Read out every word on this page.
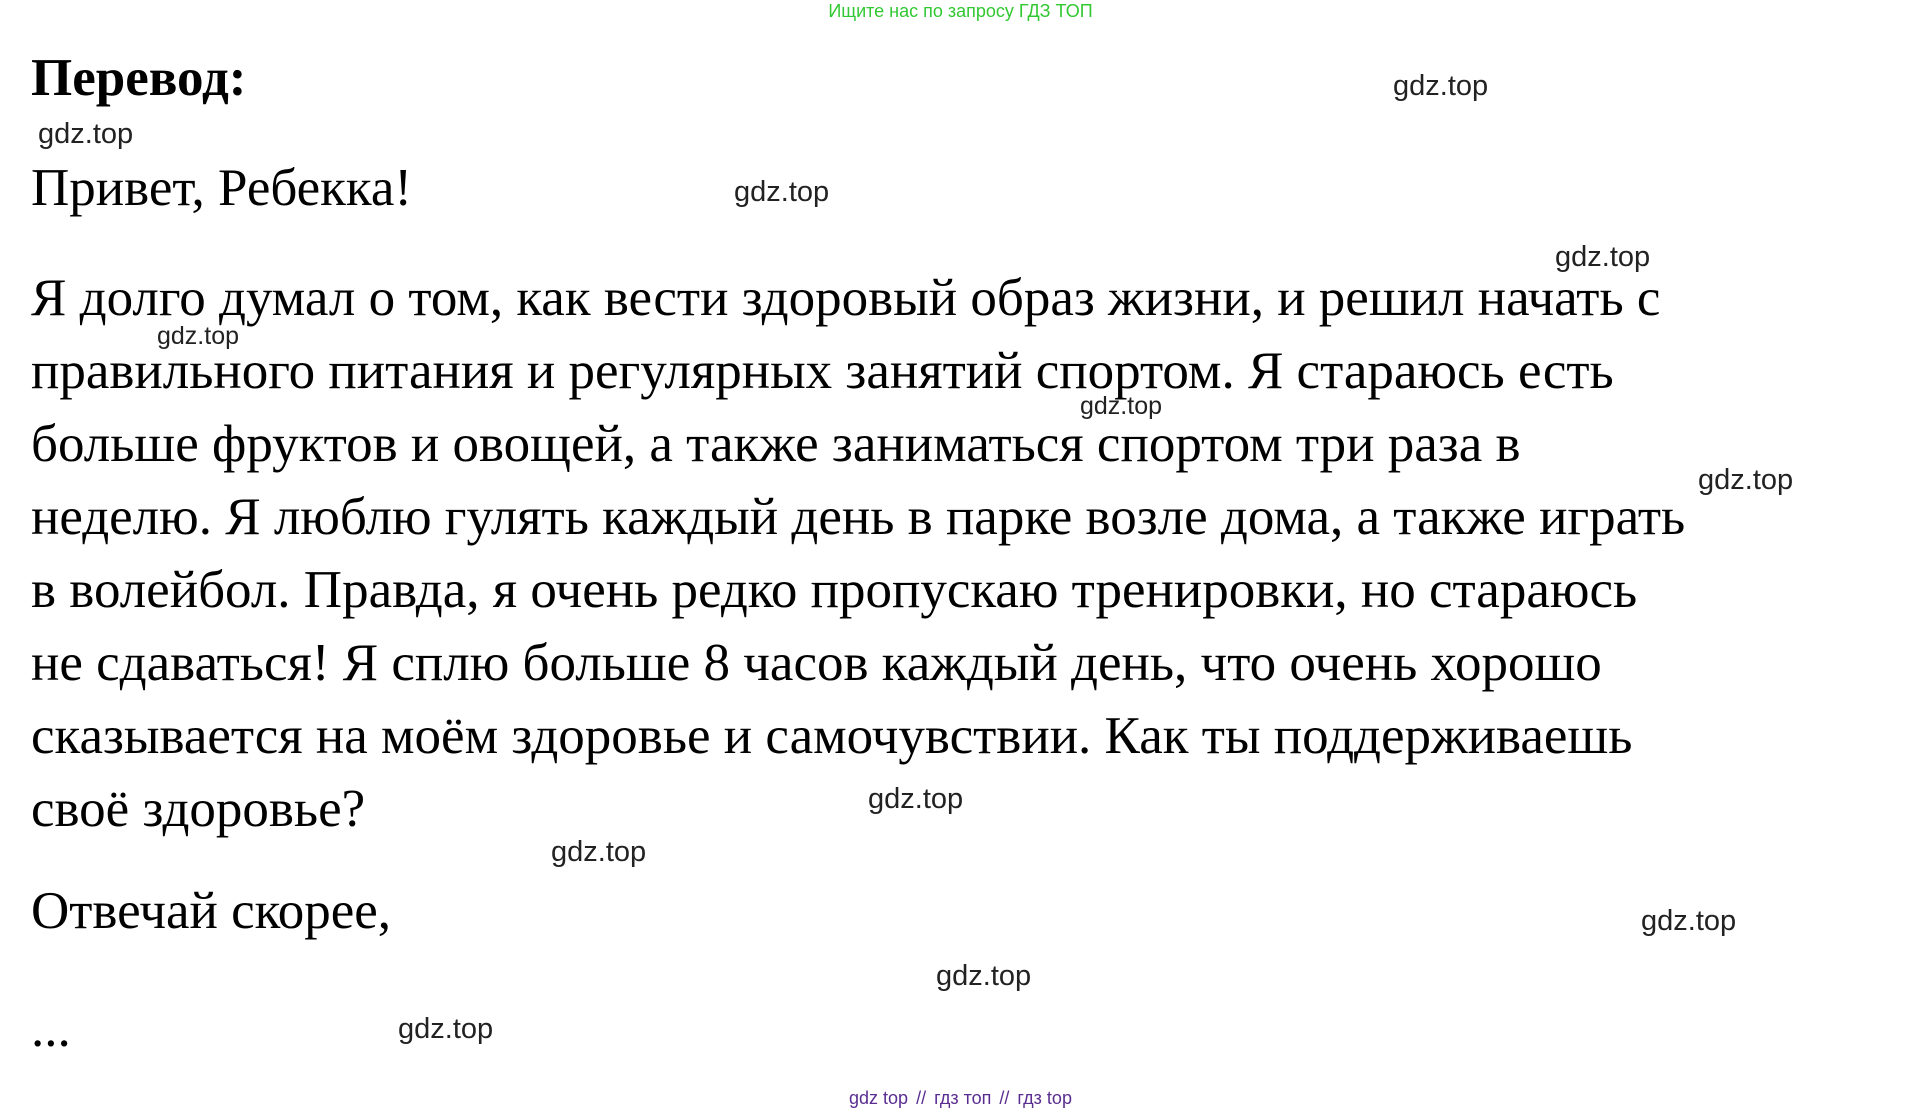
Ищите нас по запросу ГДЗ ТОП
Перевод:
Привет, Ребекка!
Я долго думал о том, как вести здоровый образ жизни, и решил начать с
правильного питания и регулярных занятий спортом. Я стараюсь есть
больше фруктов и овощей, а также заниматься спортом три раза в
неделю. Я люблю гулять каждый день в парке возле дома, а также играть
в волейбол. Правда, я очень редко пропускаю тренировки, но стараюсь
не сдаваться! Я сплю больше 8 часов каждый день, что очень хорошо
сказывается на моём здоровье и самочувствии. Как ты поддерживаешь
своё здоровье?
Отвечай скорее,
...
gdz.top
gdz.top
gdz.top
gdz.top
gdz.top
gdz.top
gdz.top
gdz.top
gdz.top
gdz.top
gdz.top
gdz.top
gdz top // гдз топ // гдз top
